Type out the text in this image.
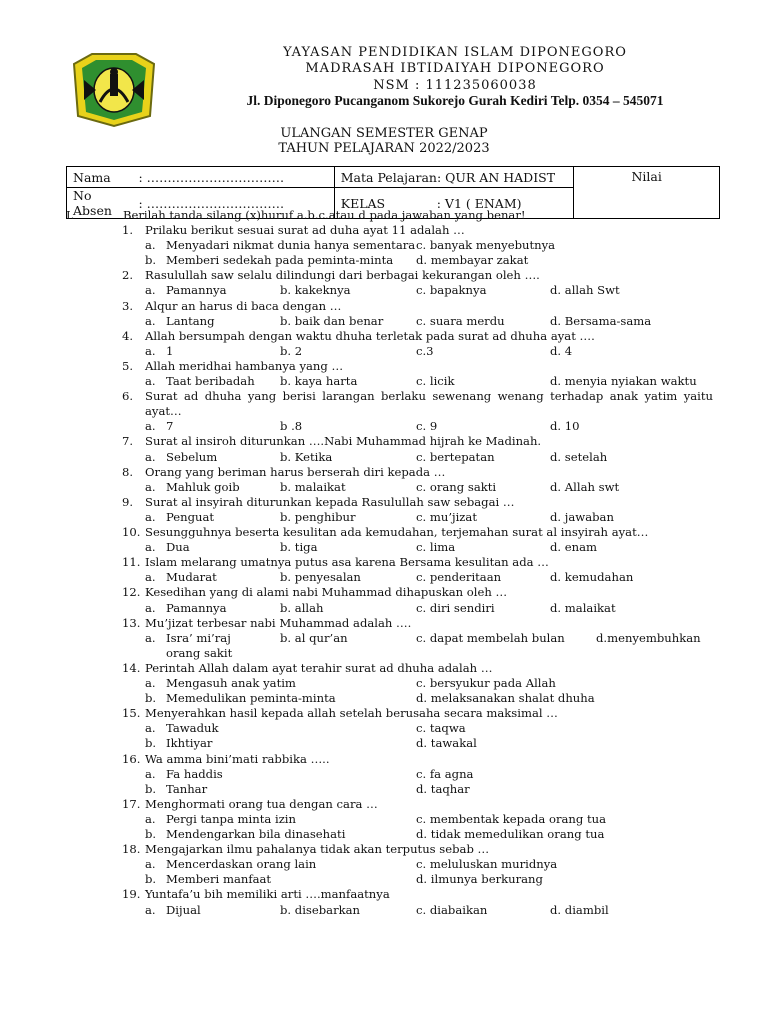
YAYASAN PENDIDIKAN ISLAM DIPONEGORO
MADRASAH IBTIDAIYAH DIPONEGORO
NSM : 111235060038
Jl. Diponegoro Pucanganom Sukorejo Gurah Kediri Telp. 0354 – 545071
ULANGAN SEMESTER GENAP
TAHUN PELAJARAN 2022/2023
Nama	: ……………………………	Mata Pelajaran: QUR AN HADIST	Nilai
No Absen	: ……………………………	KELAS : V1 ( ENAM)	
I.	Berilah tanda silang (x)huruf a.b.c.atau d pada jawaban yang benar!
1. Prilaku berikut sesuai surat ad duha ayat 11 adalah …
a. Menyadari nikmat dunia hanya sementara c. banyak menyebutnya
b. Memberi sedekah pada peminta-minta d. membayar zakat
2. Rasulullah saw selalu dilindungi dari berbagai kekurangan oleh ….
a. Pamannya	b. kakeknya	c. bapaknya	d. allah Swt
3. Alqur an harus di baca dengan …
a. Lantang	b. baik dan benar	c. suara merdu	d. Bersama-sama
4. Allah bersumpah dengan waktu dhuha terletak pada surat ad dhuha ayat ….
a. 1	b. 2	c.3	d. 4
5. Allah meridhai hambanya yang …
a. Taat beribadah b. kaya harta	c. licik	d. menyia nyiakan waktu
6. Surat ad dhuha yang berisi larangan berlaku sewenang wenang terhadap anak yatim yaitu
ayat…
a. 7	b .8	c. 9	d. 10
7. Surat al insiroh diturunkan ….Nabi Muhammad hijrah ke Madinah.
a. Sebelum	b. Ketika	c. bertepatan	d. setelah
8. Orang yang beriman harus berserah diri kepada …
a. Mahluk goib	b. malaikat	c. orang sakti	d. Allah swt
9. Surat al insyirah diturunkan kepada Rasulullah saw sebagai …
a. Penguat	b. penghibur	c. mu’jizat	d. jawaban
10. Sesungguhnya beserta kesulitan ada kemudahan, terjemahan surat al insyirah ayat…
a. Dua	b. tiga	c. lima	d. enam
11. Islam melarang umatnya putus asa karena Bersama kesulitan ada …
a. Mudarat	b. penyesalan	c. penderitaan	d. kemudahan
12. Kesedihan yang di alami nabi Muhammad dihapuskan oleh …
a. Pamannya	b. allah	c. diri sendiri	d. malaikat
13. Mu’jizat terbesar nabi Muhammad adalah ….
a. Isra’ mi’raj	b. al qur’an	c. dapat membelah bulan	d.menyembuhkan
orang sakit
14. Perintah Allah dalam ayat terahir surat ad dhuha adalah …
a. Mengasuh anak yatim	c. bersyukur pada Allah
b. Memedulikan peminta-minta	d. melaksanakan shalat dhuha
15. Menyerahkan hasil kepada allah setelah berusaha secara maksimal …
a. Tawaduk	c. taqwa
b. Ikhtiyar	d. tawakal
16. Wa amma bini’mati rabbika …..
a. Fa haddis	c. fa agna
b. Tanhar	d. taqhar
17. Menghormati orang tua dengan cara …
a. Pergi tanpa minta izin	c. membentak kepada orang tua
b. Mendengarkan bila dinasehati	d. tidak memedulikan orang tua
18. Mengajarkan ilmu pahalanya tidak akan terputus sebab …
a. Mencerdaskan orang lain	c. meluluskan muridnya
b. Memberi manfaat	d. ilmunya berkurang
19. Yuntafa’u bih memiliki arti ….manfaatnya
a. Dijual	b. disebarkan	c. diabaikan	d. diambil
